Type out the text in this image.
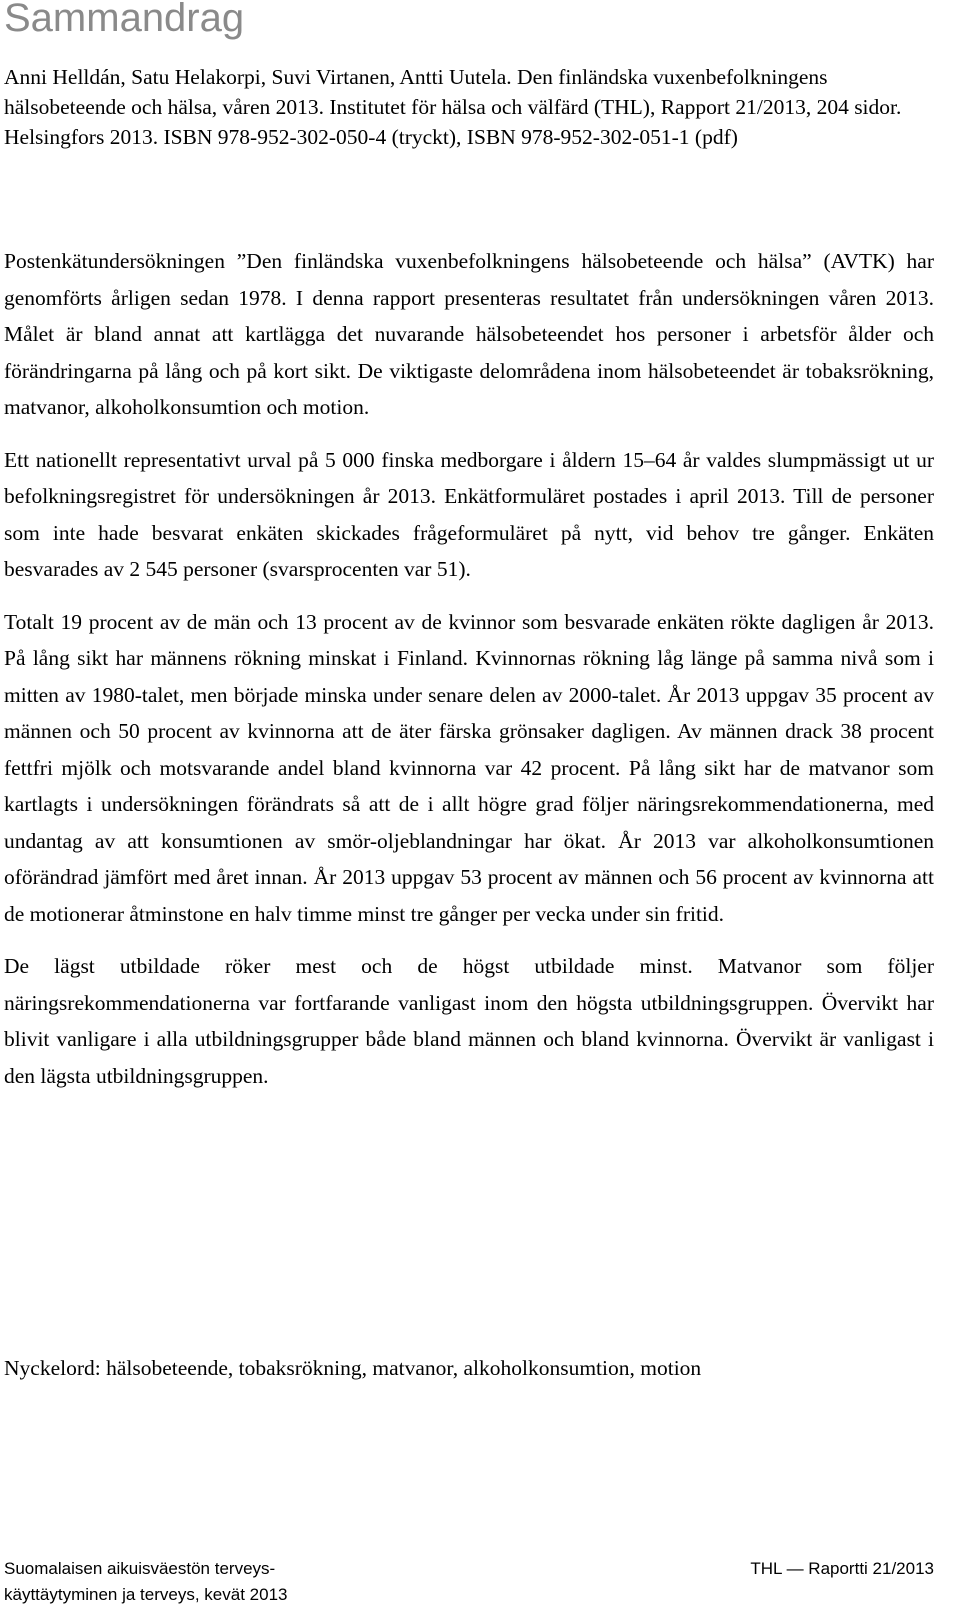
Sammandrag

Anni Helldán, Satu Helakorpi, Suvi Virtanen, Antti Uutela. Den finländska vuxenbefolkningens hälsobeteende och hälsa, våren 2013. Institutet för hälsa och välfärd (THL), Rapport 21/2013, 204 sidor. Helsingfors 2013. ISBN 978-952-302-050-4 (tryckt), ISBN 978-952-302-051-1 (pdf)

Postenkätundersökningen ”Den finländska vuxenbefolkningens hälsobeteende och hälsa” (AVTK) har genomförts årligen sedan 1978. I denna rapport presenteras resultatet från undersökningen våren 2013. Målet är bland annat att kartlägga det nuvarande hälsobeteendet hos personer i arbetsför ålder och förändringarna på lång och på kort sikt. De viktigaste delområdena inom hälsobeteendet är tobaksrökning, matvanor, alkoholkonsumtion och motion.

Ett nationellt representativt urval på 5 000 finska medborgare i åldern 15–64 år valdes slumpmässigt ut ur befolkningsregistret för undersökningen år 2013. Enkätformuläret postades i april 2013. Till de personer som inte hade besvarat enkäten skickades frågeformuläret på nytt, vid behov tre gånger. Enkäten besvarades av 2 545 personer (svarsprocenten var 51).

Totalt 19 procent av de män och 13 procent av de kvinnor som besvarade enkäten rökte dagligen år 2013. På lång sikt har männens rökning minskat i Finland. Kvinnornas rökning låg länge på samma nivå som i mitten av 1980-talet, men började minska under senare delen av 2000-talet. År 2013 uppgav 35 procent av männen och 50 procent av kvinnorna att de äter färska grönsaker dagligen. Av männen drack 38 procent fettfri mjölk och motsvarande andel bland kvinnorna var 42 procent. På lång sikt har de matvanor som kartlagts i undersökningen förändrats så att de i allt högre grad följer näringsrekommendationerna, med undantag av att konsumtionen av smör-oljeblandningar har ökat. År 2013 var alkoholkonsumtionen oförändrad jämfört med året innan. År 2013 uppgav 53 procent av männen och 56 procent av kvinnorna att de motionerar åtminstone en halv timme minst tre gånger per vecka under sin fritid.

De lägst utbildade röker mest och de högst utbildade minst. Matvanor som följer näringsrekommendationerna var fortfarande vanligast inom den högsta utbildningsgruppen. Övervikt har blivit vanligare i alla utbildningsgrupper både bland männen och bland kvinnorna. Övervikt är vanligast i den lägsta utbildningsgruppen.

Nyckelord: hälsobeteende, tobaksrökning, matvanor, alkoholkonsumtion, motion

Suomalaisen aikuisväestön terveys-
käyttäytyminen ja terveys, kevät 2013
THL — Raportti 21/2013
